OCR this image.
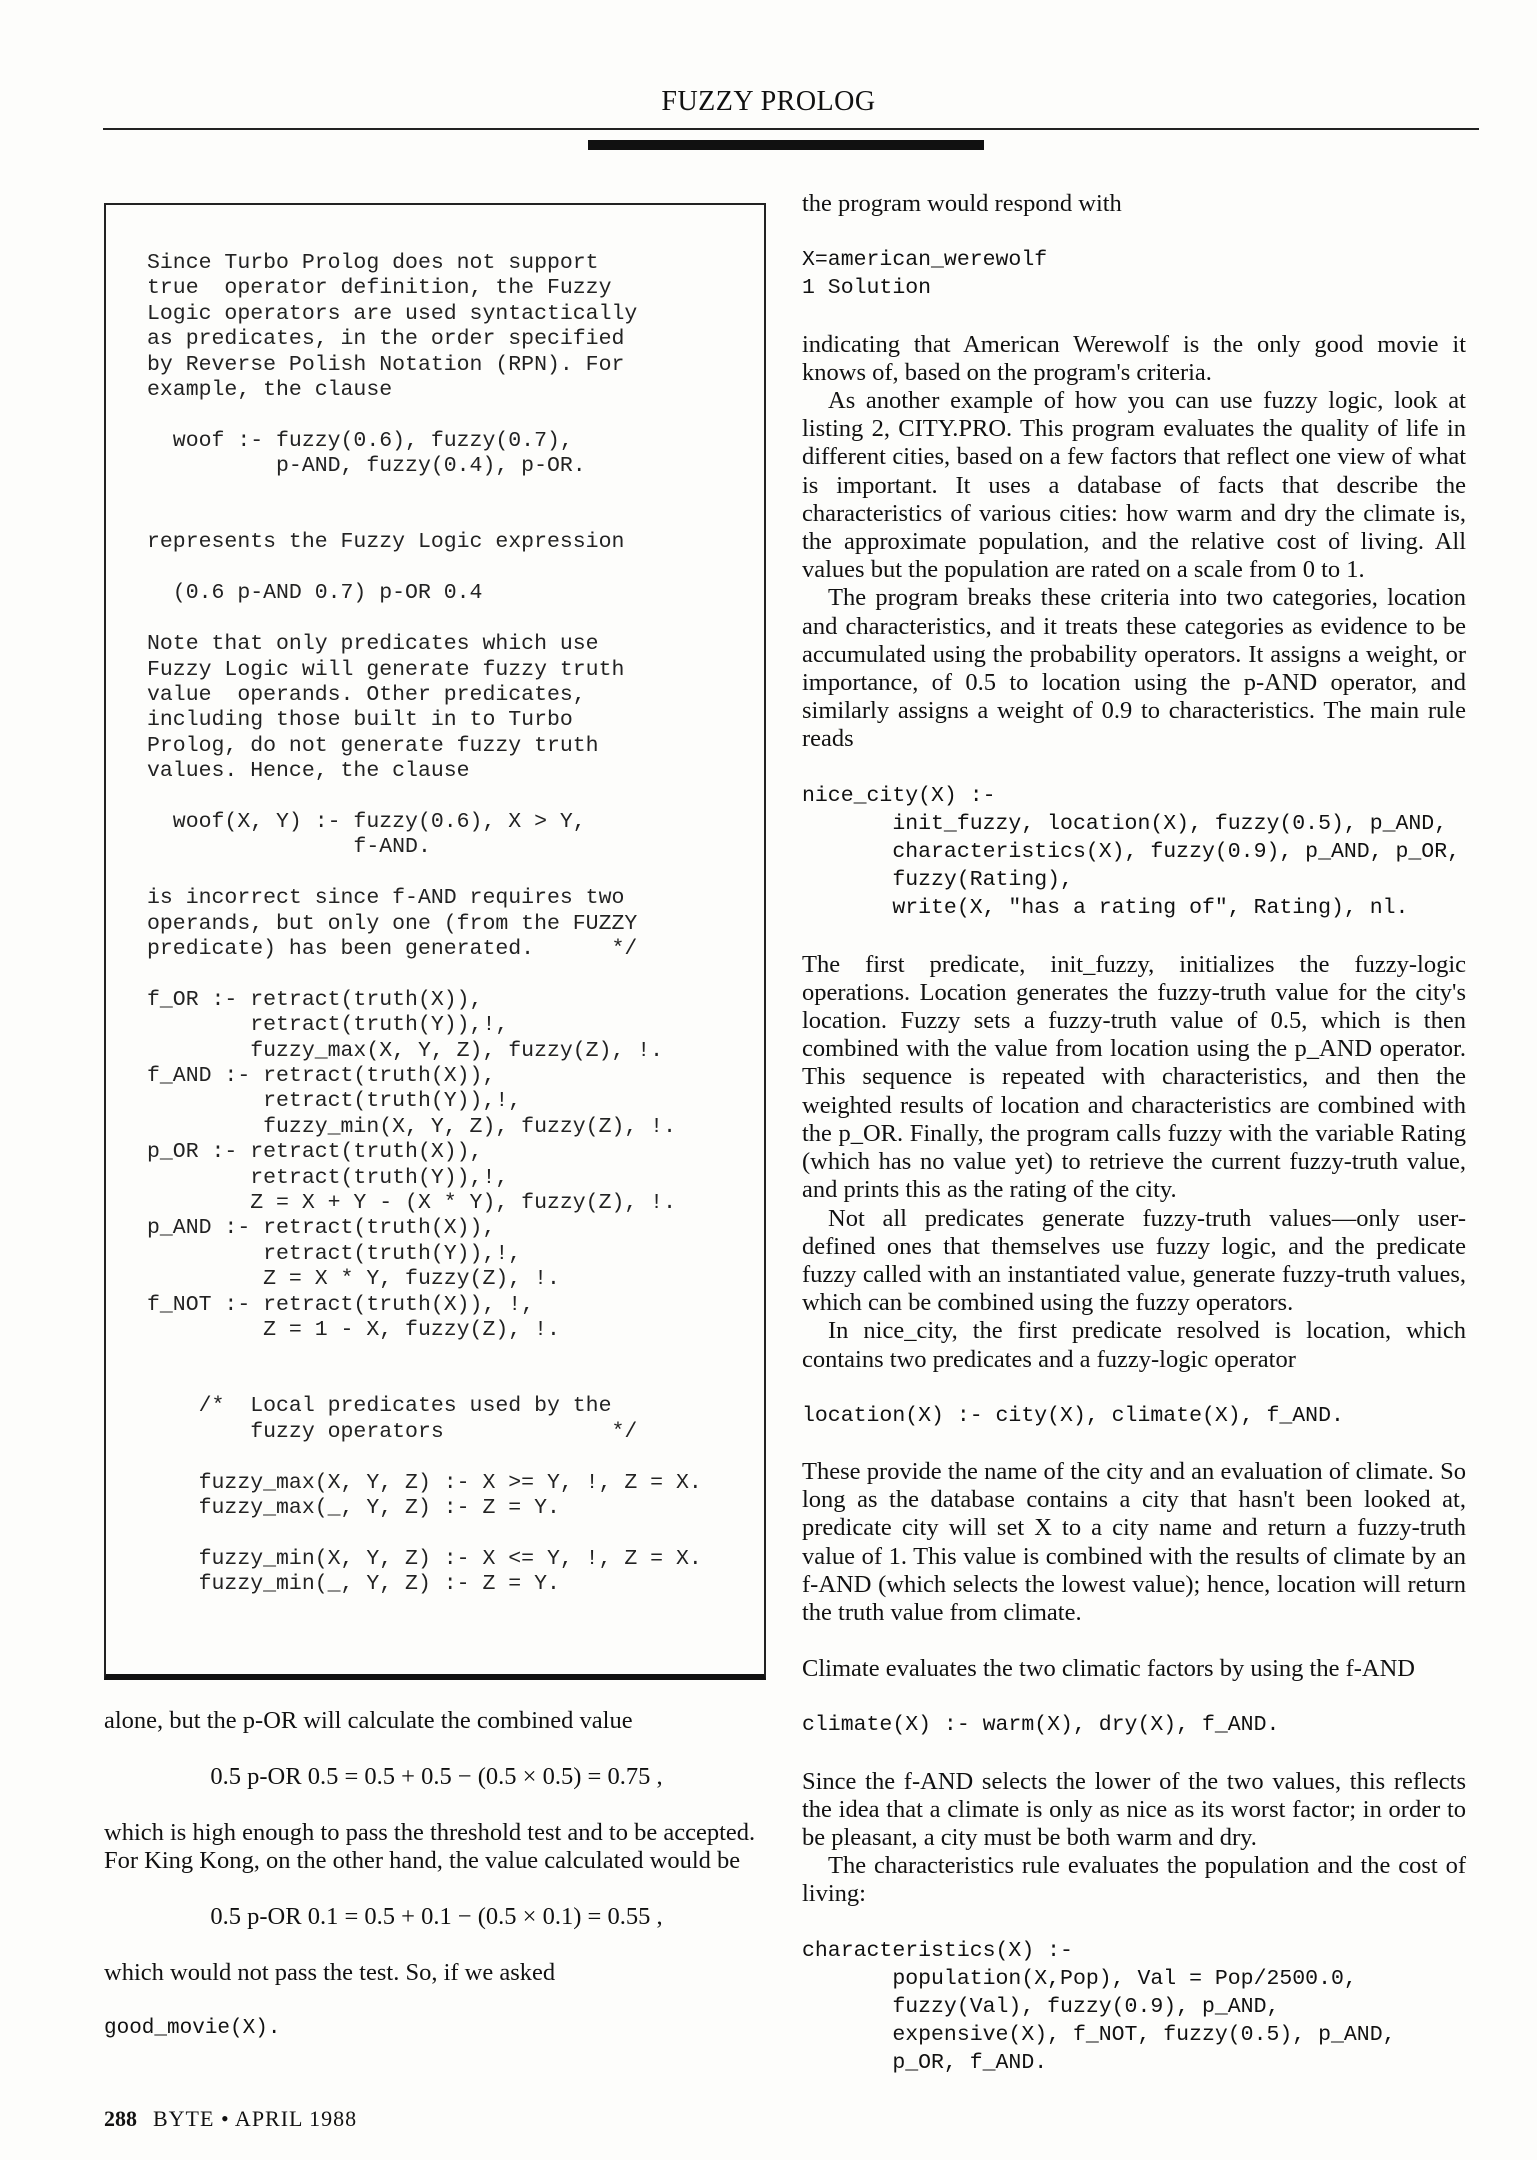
FUZZY PROLOG
Since Turbo Prolog does not support
true  operator definition, the Fuzzy
Logic operators are used syntactically
as predicates, in the order specified
by Reverse Polish Notation (RPN). For
example, the clause

woof :- fuzzy(0.6), fuzzy(0.7),
p-AND, fuzzy(0.4), p-OR.

represents the Fuzzy Logic expression

(0.6 p-AND 0.7) p-OR 0.4

Note that only predicates which use
Fuzzy Logic will generate fuzzy truth
value  operands. Other predicates,
including those built in to Turbo
Prolog, do not generate fuzzy truth
values. Hence, the clause

woof(X, Y) :- fuzzy(0.6), X > Y,
f-AND.

is incorrect since f-AND requires two
operands, but only one (from the FUZZY
predicate) has been generated.      */

f_OR :- retract(truth(X)),
retract(truth(Y)),!,
fuzzy_max(X, Y, Z), fuzzy(Z), !.
f_AND :- retract(truth(X)),
retract(truth(Y)),!,
fuzzy_min(X, Y, Z), fuzzy(Z), !.
p_OR :- retract(truth(X)),
retract(truth(Y)),!,
Z = X + Y - (X * Y), fuzzy(Z), !.
p_AND :- retract(truth(X)),
retract(truth(Y)),!,
Z = X * Y, fuzzy(Z), !.
f_NOT :- retract(truth(X)), !,
Z = 1 - X, fuzzy(Z), !.

/*  Local predicates used by the
fuzzy operators             */

fuzzy_max(X, Y, Z) :- X >= Y, !, Z = X.
fuzzy_max(_, Y, Z) :- Z = Y.

fuzzy_min(X, Y, Z) :- X <= Y, !, Z = X.
fuzzy_min(_, Y, Z) :- Z = Y.

alone, but the p-OR will calculate the combined value

0.5 p-OR 0.5 = 0.5 + 0.5 − (0.5 × 0.5) = 0.75 ,

which is high enough to pass the threshold test and to be accepted. For King Kong, on the other hand, the value calculated would be

0.5 p-OR 0.1 = 0.5 + 0.1 − (0.5 × 0.1) = 0.55 ,

which would not pass the test. So, if we asked

good_movie(X).

the program would respond with

X=american_werewolf
1 Solution

indicating that American Werewolf is the only good movie it knows of, based on the program's criteria.

As another example of how you can use fuzzy logic, look at listing 2, CITY.PRO. This program evaluates the quality of life in different cities, based on a few factors that reflect one view of what is important. It uses a database of facts that describe the characteristics of various cities: how warm and dry the climate is, the approximate population, and the relative cost of living. All values but the population are rated on a scale from 0 to 1.

The program breaks these criteria into two categories, location and characteristics, and it treats these categories as evidence to be accumulated using the probability operators. It assigns a weight, or importance, of 0.5 to location using the p-AND operator, and similarly assigns a weight of 0.9 to characteristics. The main rule reads

nice_city(X) :-
init_fuzzy, location(X), fuzzy(0.5), p_AND,
characteristics(X), fuzzy(0.9), p_AND, p_OR,
fuzzy(Rating),
write(X, "has a rating of", Rating), nl.

The first predicate, init_fuzzy, initializes the fuzzy-logic operations. Location generates the fuzzy-truth value for the city's location. Fuzzy sets a fuzzy-truth value of 0.5, which is then combined with the value from location using the p_AND operator. This sequence is repeated with characteristics, and then the weighted results of location and characteristics are combined with the p_OR. Finally, the program calls fuzzy with the variable Rating (which has no value yet) to retrieve the current fuzzy-truth value, and prints this as the rating of the city.

Not all predicates generate fuzzy-truth values—only user-defined ones that themselves use fuzzy logic, and the predicate fuzzy called with an instantiated value, generate fuzzy-truth values, which can be combined using the fuzzy operators.

In nice_city, the first predicate resolved is location, which contains two predicates and a fuzzy-logic operator

location(X) :- city(X), climate(X), f_AND.

These provide the name of the city and an evaluation of climate. So long as the database contains a city that hasn't been looked at, predicate city will set X to a city name and return a fuzzy-truth value of 1. This value is combined with the results of climate by an f-AND (which selects the lowest value); hence, location will return the truth value from climate.

Climate evaluates the two climatic factors by using the f-AND

climate(X) :- warm(X), dry(X), f_AND.

Since the f-AND selects the lower of the two values, this reflects the idea that a climate is only as nice as its worst factor; in order to be pleasant, a city must be both warm and dry.

The characteristics rule evaluates the population and the cost of living:

characteristics(X) :-
population(X,Pop), Val = Pop/2500.0,
fuzzy(Val), fuzzy(0.9), p_AND,
expensive(X), f_NOT, fuzzy(0.5), p_AND,
p_OR, f_AND.
288 BYTE • APRIL 1988
